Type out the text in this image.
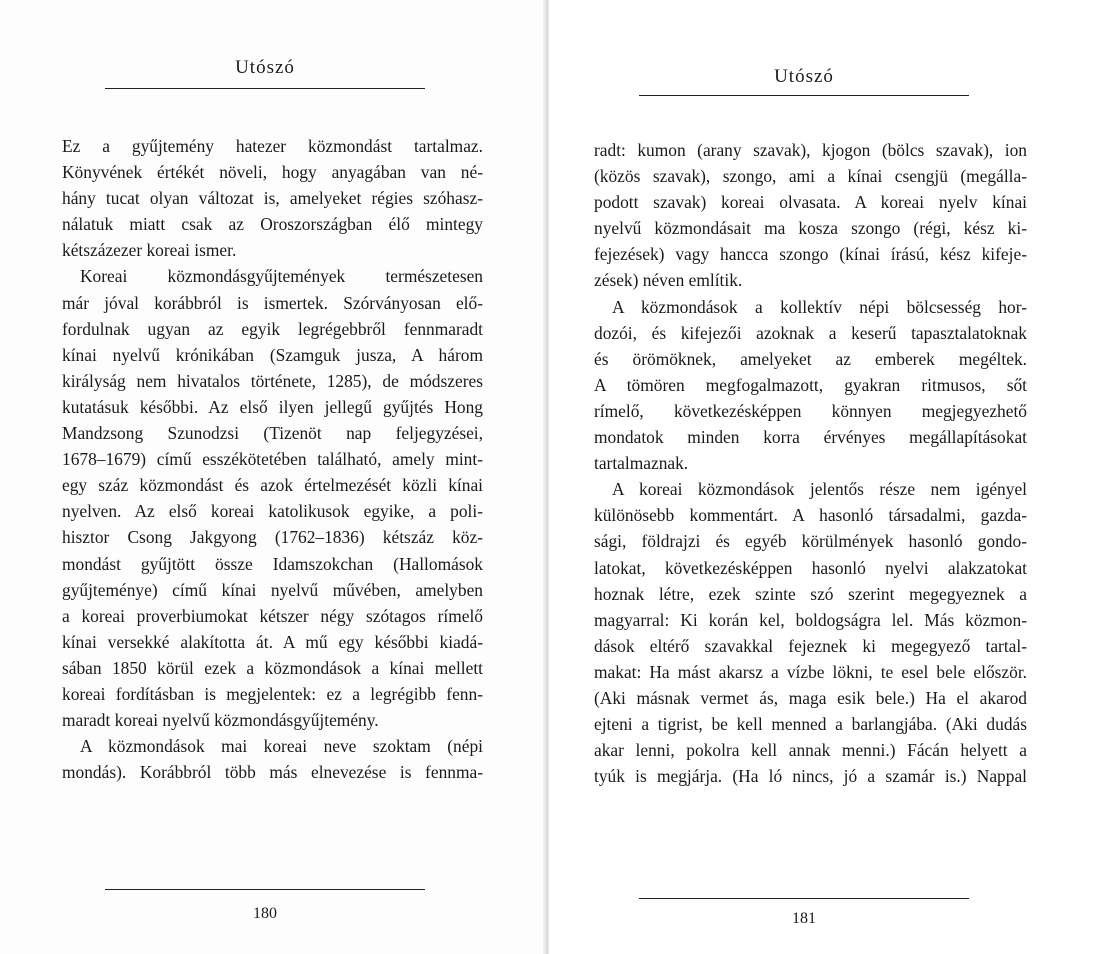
Utószó
Ez a gyűjtemény hatezer közmondást tartalmaz.
Könyvének értékét növeli, hogy anyagában van né-
hány tucat olyan változat is, amelyeket régies szóhasz-
nálatuk miatt csak az Oroszországban élő mintegy
kétszázezer koreai ismer.
Koreai közmondásgyűjtemények természetesen
már jóval korábbról is ismertek. Szórványosan elő-
fordulnak ugyan az egyik legrégebbről fennmaradt
kínai nyelvű krónikában (Szamguk jusza, A három
királyság nem hivatalos története, 1285), de módszeres
kutatásuk későbbi. Az első ilyen jellegű gyűjtés Hong
Mandzsong Szunodzsi (Tizenöt nap feljegyzései,
1678–1679) című esszékötetében található, amely mint-
egy száz közmondást és azok értelmezését közli kínai
nyelven. Az első koreai katolikusok egyike, a poli-
hisztor Csong Jakgyong (1762–1836) kétszáz köz-
mondást gyűjtött össze Idamszokchan (Hallomások
gyűjteménye) című kínai nyelvű művében, amelyben
a koreai proverbiumokat kétszer négy szótagos rímelő
kínai versekké alakította át. A mű egy későbbi kiadá-
sában 1850 körül ezek a közmondások a kínai mellett
koreai fordításban is megjelentek: ez a legrégibb fenn-
maradt koreai nyelvű közmondásgyűjtemény.
A közmondások mai koreai neve szoktam (népi
mondás). Korábbról több más elnevezése is fennma-
180
Utószó
radt: kumon (arany szavak), kjogon (bölcs szavak), ion
(közös szavak), szongo, ami a kínai csengjü (megálla-
podott szavak) koreai olvasata. A koreai nyelv kínai
nyelvű közmondásait ma kosza szongo (régi, kész ki-
fejezések) vagy hancca szongo (kínai írású, kész kifeje-
zések) néven említik.
A közmondások a kollektív népi bölcsesség hor-
dozói, és kifejezői azoknak a keserű tapasztalatoknak
és örömöknek, amelyeket az emberek megéltek.
A tömören megfogalmazott, gyakran ritmusos, sőt
rímelő, következésképpen könnyen megjegyezhető
mondatok minden korra érvényes megállapításokat
tartalmaznak.
A koreai közmondások jelentős része nem igényel
különösebb kommentárt. A hasonló társadalmi, gazda-
sági, földrajzi és egyéb körülmények hasonló gondo-
latokat, következésképpen hasonló nyelvi alakzatokat
hoznak létre, ezek szinte szó szerint megegyeznek a
magyarral: Ki korán kel, boldogságra lel. Más közmon-
dások eltérő szavakkal fejeznek ki megegyező tartal-
makat: Ha mást akarsz a vízbe lökni, te esel bele először.
(Aki másnak vermet ás, maga esik bele.) Ha el akarod
ejteni a tigrist, be kell menned a barlangjába. (Aki dudás
akar lenni, pokolra kell annak menni.) Fácán helyett a
tyúk is megjárja. (Ha ló nincs, jó a szamár is.) Nappal
181
